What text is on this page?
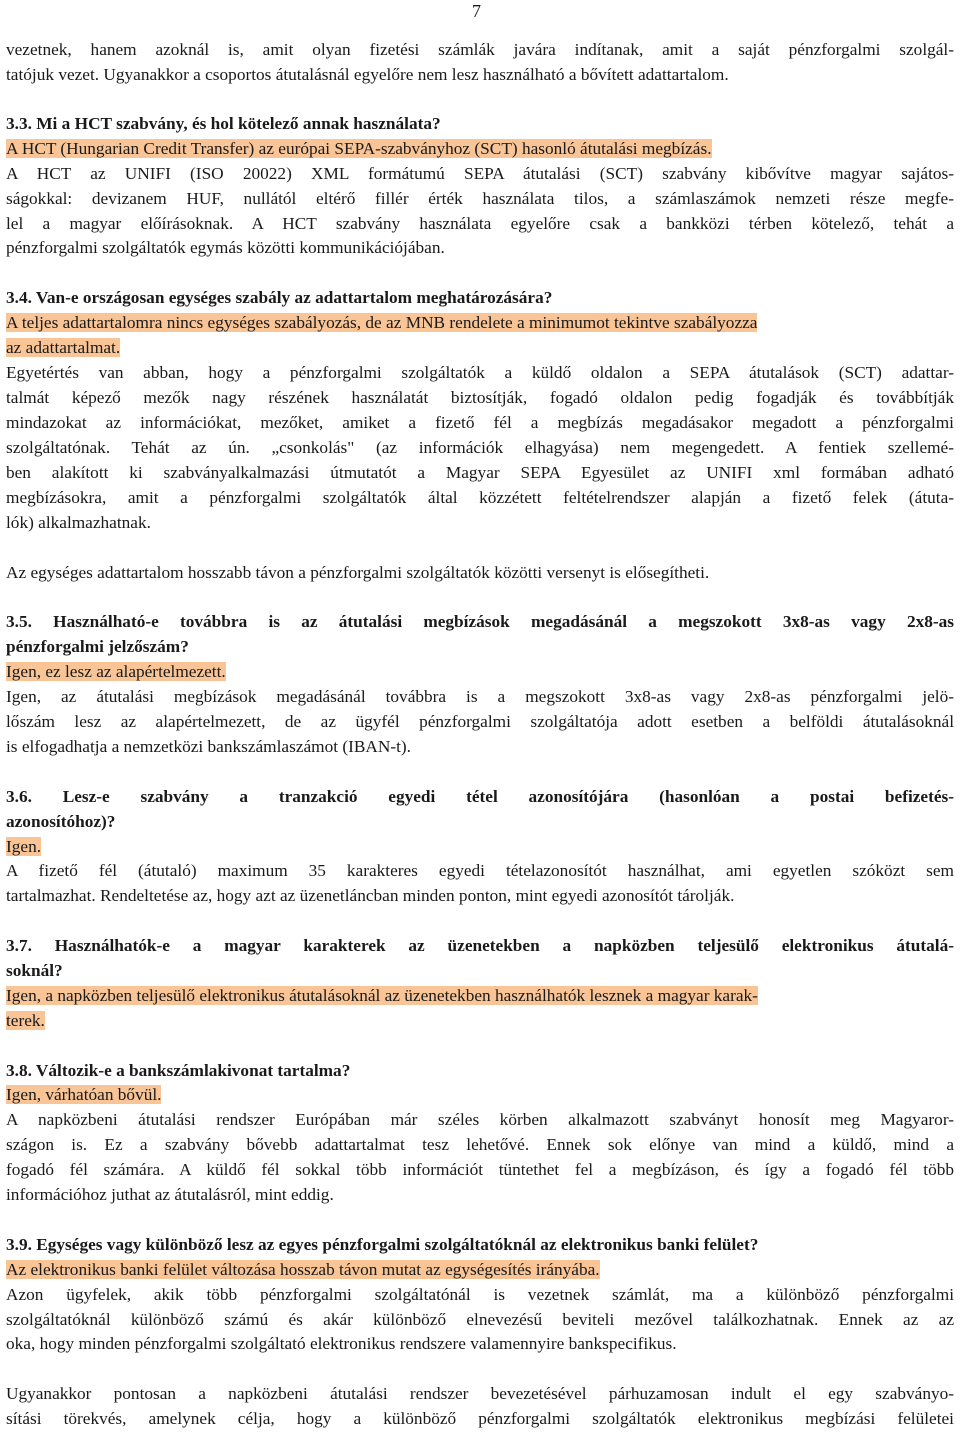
7
vezetnek, hanem azoknál is, amit olyan fizetési számlák javára indítanak, amit a saját pénzforgalmi szolgál-
tatójuk vezet. Ugyanakkor a csoportos átutalásnál egyelőre nem lesz használható a bővített adattartalom.
3.3. Mi a HCT szabvány, és hol kötelező annak használata?
A HCT (Hungarian Credit Transfer) az európai SEPA-szabványhoz (SCT) hasonló átutalási megbízás.
A HCT az UNIFI (ISO 20022) XML formátumú SEPA átutalási (SCT) szabvány kibővítve magyar sajátos-
ságokkal: devizanem HUF, nullától eltérő fillér érték használata tilos, a számlaszámok nemzeti része megfe-
lel a magyar előírásoknak. A HCT szabvány használata egyelőre csak a bankközi térben kötelező, tehát a
pénzforgalmi szolgáltatók egymás közötti kommunikációjában.
3.4. Van-e országosan egységes szabály az adattartalom meghatározására?
A teljes adattartalomra nincs egységes szabályozás, de az MNB rendelete a minimumot tekintve szabályozza
az adattartalmat.
Egyetértés van abban, hogy a pénzforgalmi szolgáltatók a küldő oldalon a SEPA átutalások (SCT) adattar-
talmát képező mezők nagy részének használatát biztosítják, fogadó oldalon pedig fogadják és továbbítják
mindazokat az információkat, mezőket, amiket a fizető fél a megbízás megadásakor megadott a pénzforgalmi
szolgáltatónak. Tehát az ún. „csonkolás" (az információk elhagyása) nem megengedett. A fentiek szellemé-
ben alakított ki szabványalkalmazási útmutatót a Magyar SEPA Egyesület az UNIFI xml formában adható
megbízásokra, amit a pénzforgalmi szolgáltatók által közzétett feltételrendszer alapján a fizető felek (átuta-
lók) alkalmazhatnak.
Az egységes adattartalom hosszabb távon a pénzforgalmi szolgáltatók közötti versenyt is elősegítheti.
3.5. Használható-e továbbra is az átutalási megbízások megadásánál a megszokott 3x8-as vagy 2x8-as
pénzforgalmi jelzőszám?
Igen, ez lesz az alapértelmezett.
Igen, az átutalási megbízások megadásánál továbbra is a megszokott 3x8-as vagy 2x8-as pénzforgalmi jelö-
lőszám lesz az alapértelmezett, de az ügyfél pénzforgalmi szolgáltatója adott esetben a belföldi átutalásoknál
is elfogadhatja a nemzetközi bankszámlaszámot (IBAN-t).
3.6. Lesz-e szabvány a tranzakció egyedi tétel azonosítójára (hasonlóan a postai befizetés-
azonosítóhoz)?
Igen.
A fizető fél (átutaló) maximum 35 karakteres egyedi tételazonosítót használhat, ami egyetlen szóközt sem
tartalmazhat. Rendeltetése az, hogy azt az üzenetláncban minden ponton, mint egyedi azonosítót tárolják.
3.7. Használhatók-e a magyar karakterek az üzenetekben a napközben teljesülő elektronikus átutalá-
soknál?
Igen, a napközben teljesülő elektronikus átutalásoknál az üzenetekben használhatók lesznek a magyar karak-
terek.
3.8. Változik-e a bankszámlakivonat tartalma?
Igen, várhatóan bővül.
A napközbeni átutalási rendszer Európában már széles körben alkalmazott szabványt honosít meg Magyaror-
szágon is. Ez a szabvány bővebb adattartalmat tesz lehetővé. Ennek sok előnye van mind a küldő, mind a
fogadó fél számára. A küldő fél sokkal több információt tüntethet fel a megbízáson, és így a fogadó fél több
információhoz juthat az átutalásról, mint eddig.
3.9. Egységes vagy különböző lesz az egyes pénzforgalmi szolgáltatóknál az elektronikus banki felület?
Az elektronikus banki felület változása hosszab távon mutat az egységesítés irányába.
Azon ügyfelek, akik több pénzforgalmi szolgáltatónál is vezetnek számlát, ma a különböző pénzforgalmi
szolgáltatóknál különböző számú és akár különböző elnevezésű beviteli mezővel találkozhatnak. Ennek az az
oka, hogy minden pénzforgalmi szolgáltató elektronikus rendszere valamennyire bankspecifikus.
Ugyanakkor pontosan a napközbeni átutalási rendszer bevezetésével párhuzamosan indult el egy szabványo-
sítási törekvés, amelynek célja, hogy a különböző pénzforgalmi szolgáltatók elektronikus megbízási felületei
